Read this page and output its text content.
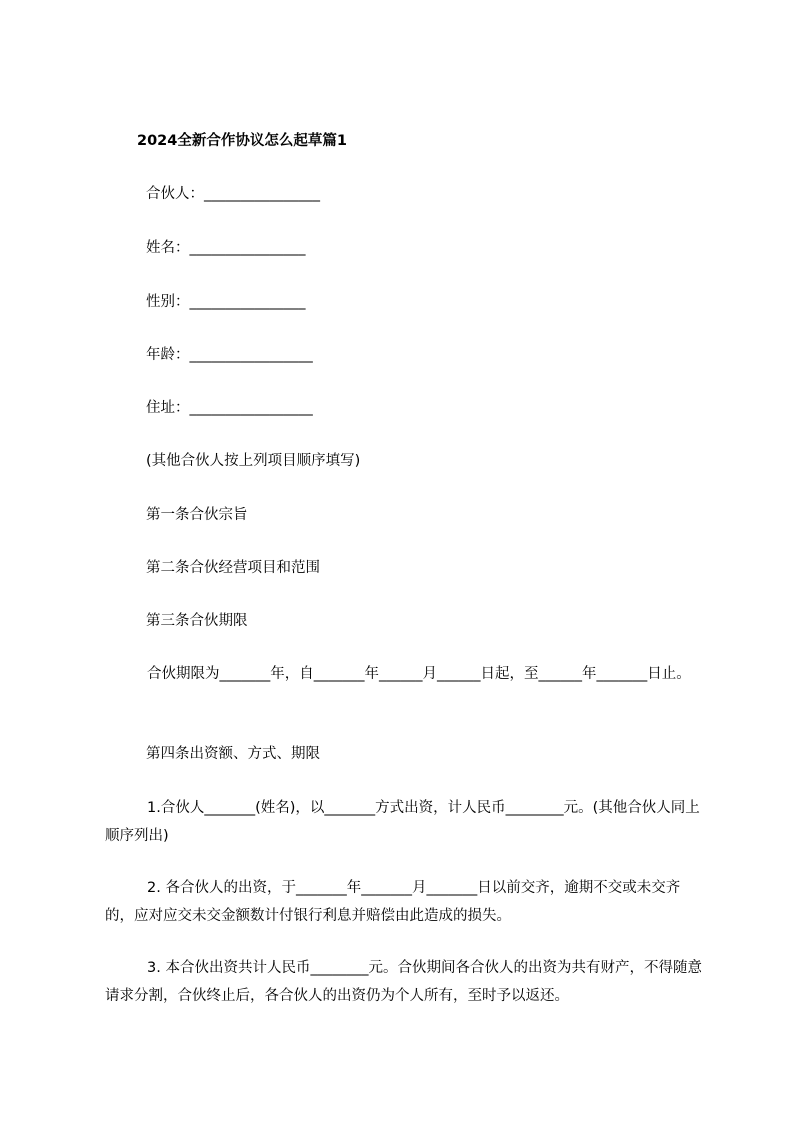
2024全新合作协议怎么起草篇1
合伙人：________________
姓名：________________
性别：________________
年龄：_________________
住址：_________________
(其他合伙人按上列项目顺序填写)
第一条合伙宗旨
第二条合伙经营项目和范围
第三条合伙期限
合伙期限为_______年，自_______年______月______日起，至______年_______日止。
第四条出资额、方式、期限
1.合伙人_______(姓名)，以_______方式出资，计人民币________元。(其他合伙人同上顺序列出)
2. 各合伙人的出资，于_______年_______月_______日以前交齐，逾期不交或未交齐的，应对应交未交金额数计付银行利息并赔偿由此造成的损失。
3. 本合伙出资共计人民币________元。合伙期间各合伙人的出资为共有财产，不得随意请求分割，合伙终止后，各合伙人的出资仍为个人所有，至时予以返还。
